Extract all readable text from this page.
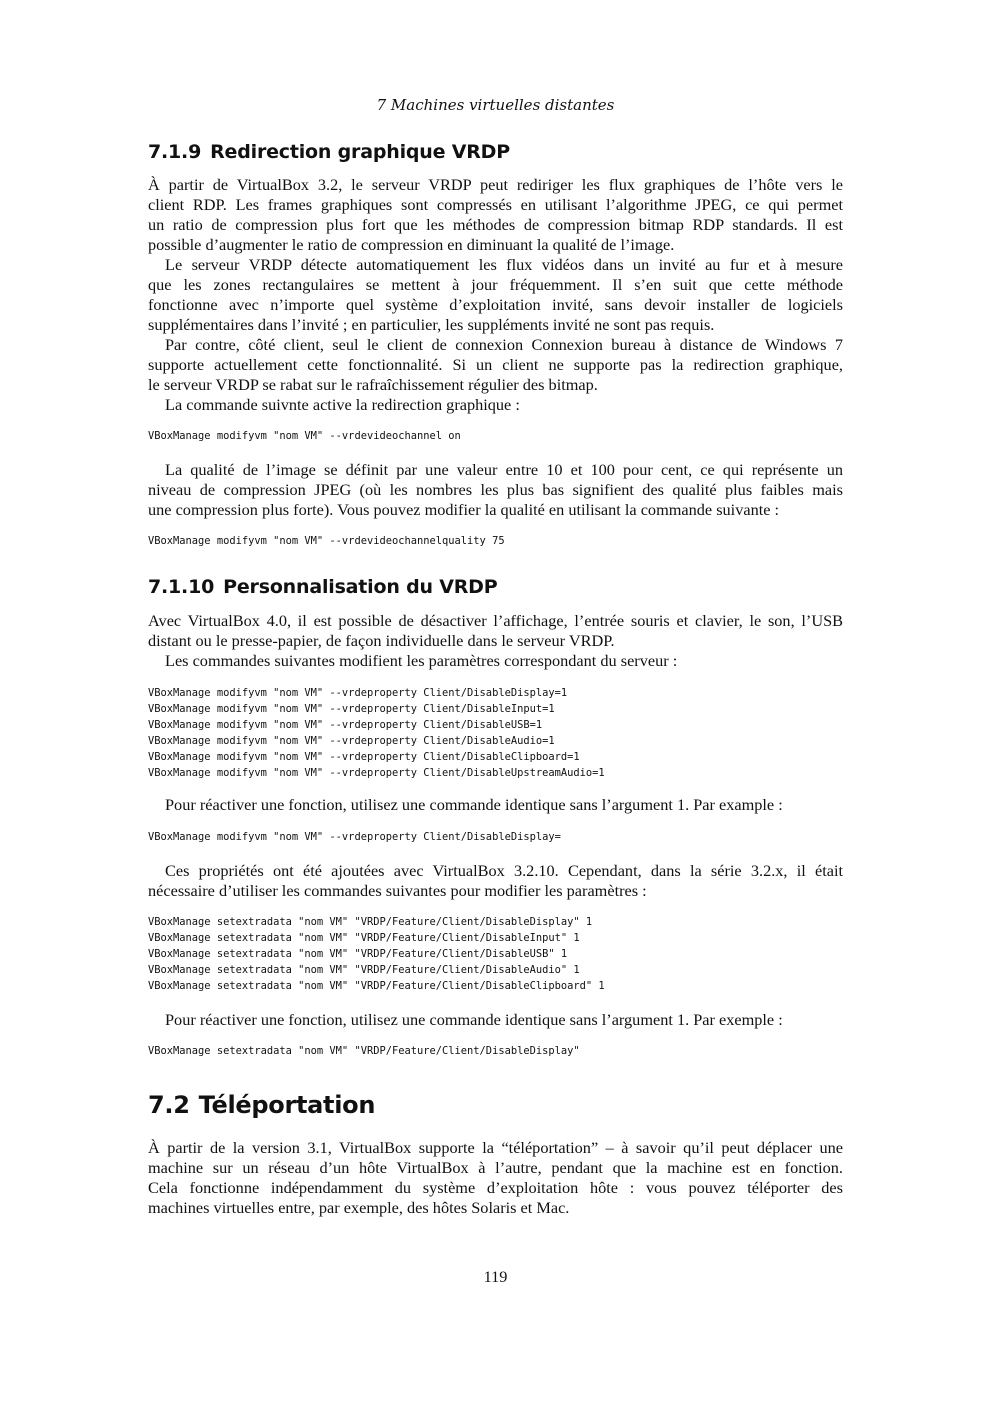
7 Machines virtuelles distantes
7.1.9 Redirection graphique VRDP
À partir de VirtualBox 3.2, le serveur VRDP peut rediriger les flux graphiques de l’hôte vers le
client RDP. Les frames graphiques sont compressés en utilisant l’algorithme JPEG, ce qui permet
un ratio de compression plus fort que les méthodes de compression bitmap RDP standards. Il est
possible d’augmenter le ratio de compression en diminuant la qualité de l’image.
Le serveur VRDP détecte automatiquement les flux vidéos dans un invité au fur et à mesure
que les zones rectangulaires se mettent à jour fréquemment. Il s’en suit que cette méthode
fonctionne avec n’importe quel système d’exploitation invité, sans devoir installer de logiciels
supplémentaires dans l’invité ; en particulier, les suppléments invité ne sont pas requis.
Par contre, côté client, seul le client de connexion Connexion bureau à distance de Windows 7
supporte actuellement cette fonctionnalité. Si un client ne supporte pas la redirection graphique,
le serveur VRDP se rabat sur le rafraîchissement régulier des bitmap.
La commande suivnte active la redirection graphique :
VBoxManage modifyvm "nom VM" --vrdevideochannel on
La qualité de l’image se définit par une valeur entre 10 et 100 pour cent, ce qui représente un
niveau de compression JPEG (où les nombres les plus bas signifient des qualité plus faibles mais
une compression plus forte). Vous pouvez modifier la qualité en utilisant la commande suivante :
VBoxManage modifyvm "nom VM" --vrdevideochannelquality 75
7.1.10 Personnalisation du VRDP
Avec VirtualBox 4.0, il est possible de désactiver l’affichage, l’entrée souris et clavier, le son, l’USB
distant ou le presse-papier, de façon individuelle dans le serveur VRDP.
Les commandes suivantes modifient les paramètres correspondant du serveur :
VBoxManage modifyvm "nom VM" --vrdeproperty Client/DisableDisplay=1
VBoxManage modifyvm "nom VM" --vrdeproperty Client/DisableInput=1
VBoxManage modifyvm "nom VM" --vrdeproperty Client/DisableUSB=1
VBoxManage modifyvm "nom VM" --vrdeproperty Client/DisableAudio=1
VBoxManage modifyvm "nom VM" --vrdeproperty Client/DisableClipboard=1
VBoxManage modifyvm "nom VM" --vrdeproperty Client/DisableUpstreamAudio=1
Pour réactiver une fonction, utilisez une commande identique sans l’argument 1. Par example :
VBoxManage modifyvm "nom VM" --vrdeproperty Client/DisableDisplay=
Ces propriétés ont été ajoutées avec VirtualBox 3.2.10. Cependant, dans la série 3.2.x, il était
nécessaire d’utiliser les commandes suivantes pour modifier les paramètres :
VBoxManage setextradata "nom VM" "VRDP/Feature/Client/DisableDisplay" 1
VBoxManage setextradata "nom VM" "VRDP/Feature/Client/DisableInput" 1
VBoxManage setextradata "nom VM" "VRDP/Feature/Client/DisableUSB" 1
VBoxManage setextradata "nom VM" "VRDP/Feature/Client/DisableAudio" 1
VBoxManage setextradata "nom VM" "VRDP/Feature/Client/DisableClipboard" 1
Pour réactiver une fonction, utilisez une commande identique sans l’argument 1. Par exemple :
VBoxManage setextradata "nom VM" "VRDP/Feature/Client/DisableDisplay"
7.2 Téléportation
À partir de la version 3.1, VirtualBox supporte la “téléportation” – à savoir qu’il peut déplacer une
machine sur un réseau d’un hôte VirtualBox à l’autre, pendant que la machine est en fonction.
Cela fonctionne indépendamment du système d’exploitation hôte : vous pouvez téléporter des
machines virtuelles entre, par exemple, des hôtes Solaris et Mac.
119
